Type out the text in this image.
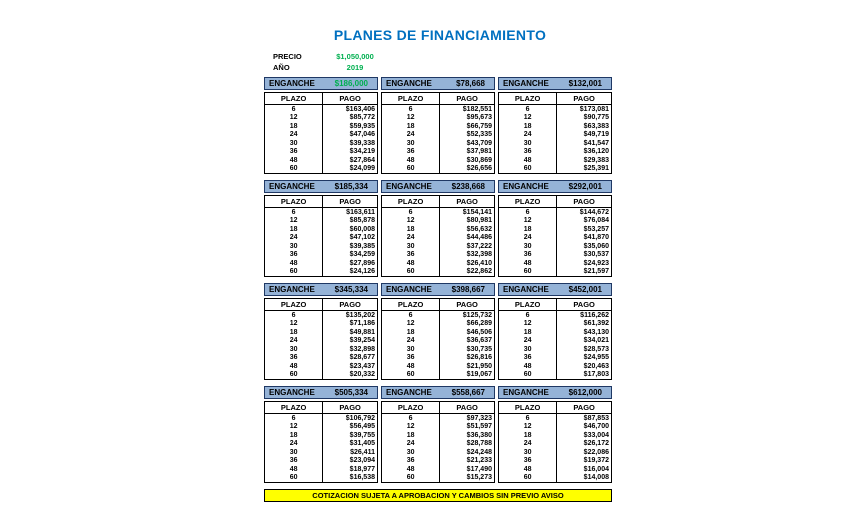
PLANES DE FINANCIAMIENTO
PRECIO	$1,050,000
AÑO	2019
ENGANCHE $186,000
PLAZO	PAGO
6	$163,406
12	$85,772
18	$59,935
24	$47,046
30	$39,338
36	$34,219
48	$27,864
60	$24,099
ENGANCHE	$78,668
PLAZO	PAGO
6	$182,551
12	$95,673
18	$66,759
24	$52,335
30	$43,709
36	$37,981
48	$30,869
60	$26,656
ENGANCHE $132,001
PLAZO	PAGO
6	$173,081
12	$90,775
18	$63,383
24	$49,719
30	$41,547
36	$36,120
48	$29,383
60	$25,391
ENGANCHE $185,334
PLAZO	PAGO
6	$163,611
12	$85,878
18	$60,008
24	$47,102
30	$39,385
36	$34,259
48	$27,896
60	$24,126
ENGANCHE $238,668
PLAZO	PAGO
6	$154,141
12	$80,981
18	$56,632
24	$44,486
30	$37,222
36	$32,398
48	$26,410
60	$22,862
ENGANCHE $292,001
PLAZO	PAGO
6	$144,672
12	$76,084
18	$53,257
24	$41,870
30	$35,060
36	$30,537
48	$24,923
60	$21,597
ENGANCHE $345,334
PLAZO	PAGO
6	$135,202
12	$71,186
18	$49,881
24	$39,254
30	$32,898
36	$28,677
48	$23,437
60	$20,332
ENGANCHE $398,667
PLAZO	PAGO
6	$125,732
12	$66,289
18	$46,506
24	$36,637
30	$30,735
36	$26,816
48	$21,950
60	$19,067
ENGANCHE $452,001
PLAZO	PAGO
6	$116,262
12	$61,392
18	$43,130
24	$34,021
30	$28,573
36	$24,955
48	$20,463
60	$17,803
ENGANCHE $505,334
PLAZO	PAGO
6	$106,792
12	$56,495
18	$39,755
24	$31,405
30	$26,411
36	$23,094
48	$18,977
60	$16,538
ENGANCHE $558,667
PLAZO	PAGO
6	$97,323
12	$51,597
18	$36,380
24	$28,788
30	$24,248
36	$21,233
48	$17,490
60	$15,273
ENGANCHE $612,000
PLAZO	PAGO
6	$87,853
12	$46,700
18	$33,004
24	$26,172
30	$22,086
36	$19,372
48	$16,004
60	$14,008
COTIZACION SUJETA A APROBACION Y CAMBIOS SIN PREVIO AVISO
